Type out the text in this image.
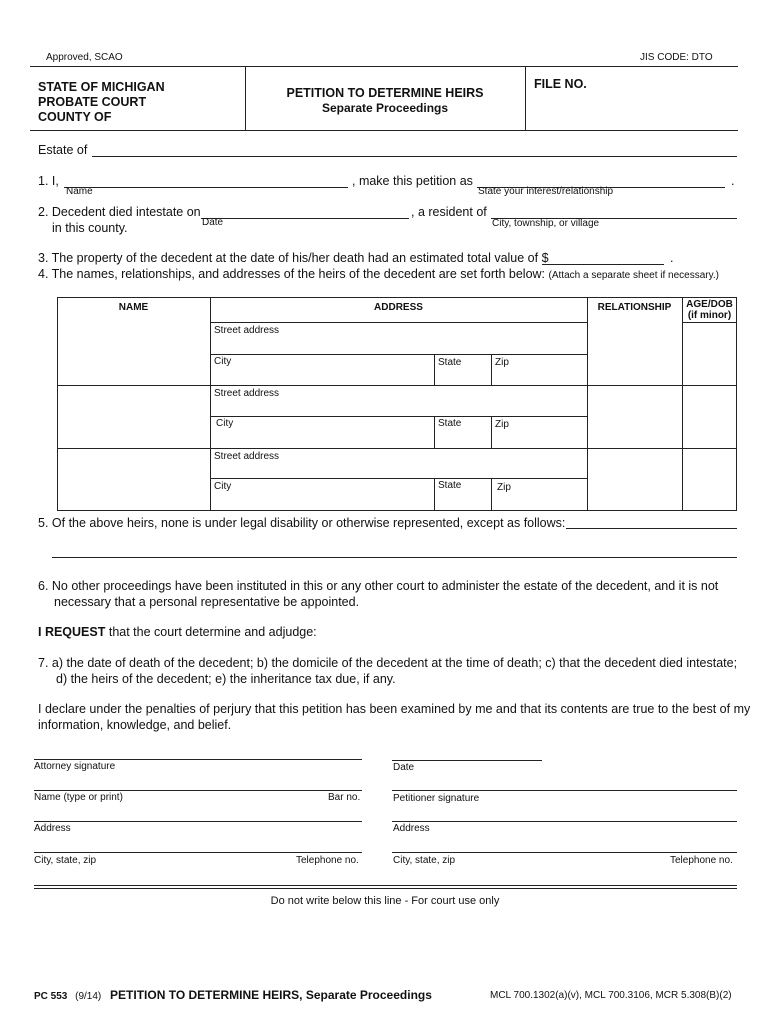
Approved, SCAO	JIS CODE: DTO
STATE OF MICHIGAN
PROBATE COURT
COUNTY OF
PETITION TO DETERMINE HEIRS
Separate Proceedings
FILE NO.
Estate of
1. I,	, make this petition as	.
Name	State your interest/relationship
2. Decedent died intestate on	, a resident of
in this county.	Date	City, township, or village
3. The property of the decedent at the date of his/her death had an estimated total value of $	.
4. The names, relationships, and addresses of the heirs of the decedent are set forth below: (Attach a separate sheet if necessary.)
NAME	ADDRESS	RELATIONSHIP	AGE/DOB
(if minor)
Street address
City	State	Zip
Street address
City	State	Zip
Street address
City	State	Zip
5. Of the above heirs, none is under legal disability or otherwise represented, except as follows:
6. No other proceedings have been instituted in this or any other court to administer the estate of the decedent, and it is not
necessary that a personal representative be appointed.
I REQUEST that the court determine and adjudge:
7. a) the date of death of the decedent; b) the domicile of the decedent at the time of death; c) that the decedent died intestate;
d) the heirs of the decedent; e) the inheritance tax due, if any.
I declare under the penalties of perjury that this petition has been examined by me and that its contents are true to the best of my
information, knowledge, and belief.
Attorney signature
Name (type or print)	Bar no.
Address
City, state, zip	Telephone no.
Date
Petitioner signature
Address
City, state, zip	Telephone no.
Do not write below this line - For court use only
PC 553 (9/14) PETITION TO DETERMINE HEIRS, Separate Proceedings	MCL 700.1302(a)(v), MCL 700.3106, MCR 5.308(B)(2)
